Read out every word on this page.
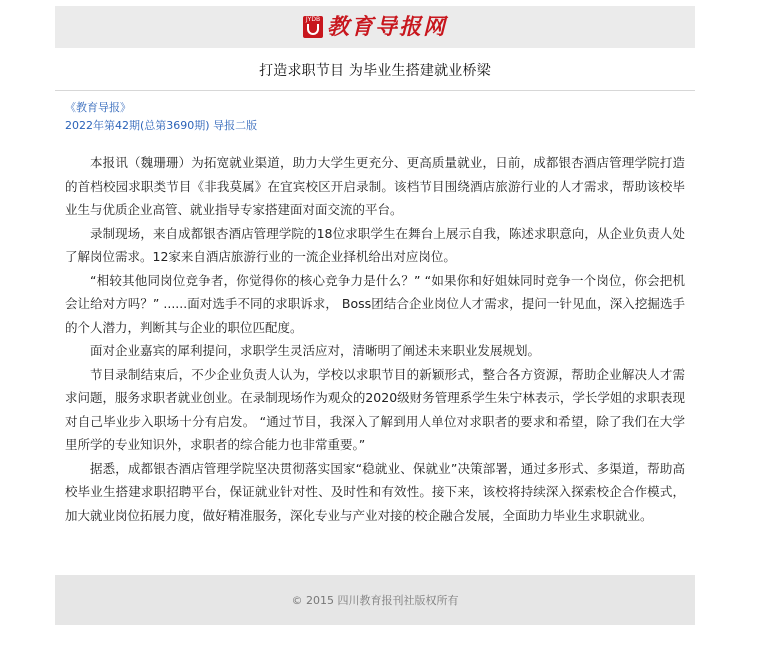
JYDB 教育导报网
打造求职节目 为毕业生搭建就业桥梁
《教育导报》
2022年第42期(总第3690期) 导报二版

本报讯（魏珊珊）为拓宽就业渠道，助力大学生更充分、更高质量就业，日前，成都银杏酒店管理学院打造的首档校园求职类节目《非我莫属》在宜宾校区开启录制。该档节目围绕酒店旅游行业的人才需求，帮助该校毕业生与优质企业高管、就业指导专家搭建面对面交流的平台。

录制现场，来自成都银杏酒店管理学院的18位求职学生在舞台上展示自我，陈述求职意向，从企业负责人处了解岗位需求。12家来自酒店旅游行业的一流企业择机给出对应岗位。

“相较其他同岗位竞争者，你觉得你的核心竞争力是什么？” “如果你和好姐妹同时竞争一个岗位，你会把机会让给对方吗？” ......面对选手不同的求职诉求， Boss团结合企业岗位人才需求，提问一针见血，深入挖掘选手的个人潜力，判断其与企业的职位匹配度。

面对企业嘉宾的犀利提问，求职学生灵活应对，清晰明了阐述未来职业发展规划。

节目录制结束后，不少企业负责人认为，学校以求职节目的新颖形式，整合各方资源，帮助企业解决人才需求问题，服务求职者就业创业。在录制现场作为观众的2020级财务管理系学生朱宁林表示，学长学姐的求职表现对自己毕业步入职场十分有启发。 “通过节目，我深入了解到用人单位对求职者的要求和希望，除了我们在大学里所学的专业知识外，求职者的综合能力也非常重要。”

据悉，成都银杏酒店管理学院坚决贯彻落实国家“稳就业、保就业”决策部署，通过多形式、多渠道，帮助高校毕业生搭建求职招聘平台，保证就业针对性、及时性和有效性。接下来，该校将持续深入探索校企合作模式，加大就业岗位拓展力度，做好精准服务，深化专业与产业对接的校企融合发展，全面助力毕业生求职就业。

© 2015 四川教育报刊社版权所有
